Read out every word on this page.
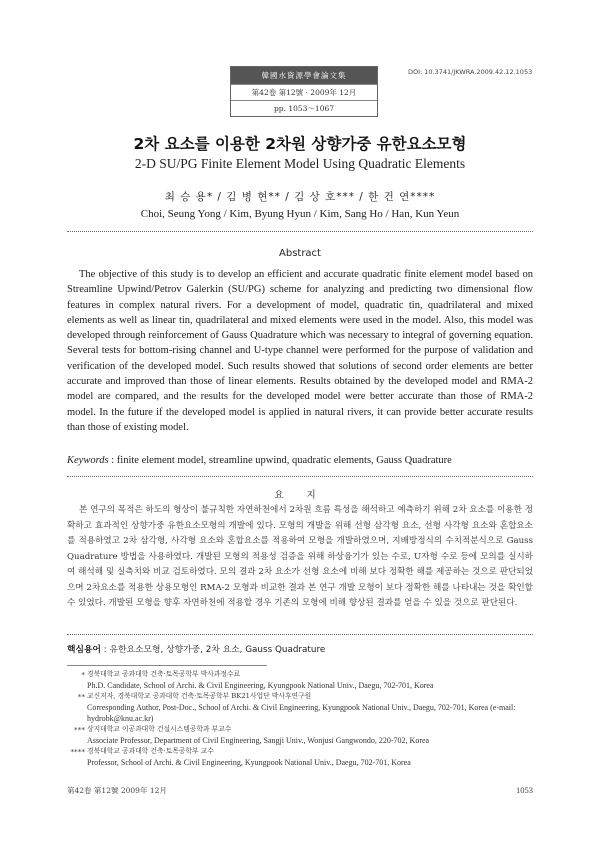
韓國水資源學會論文集
第42卷 第12號 · 2009年 12月
pp. 1053～1067
DOI: 10.3741/JKWRA.2009.42.12.1053
2차 요소를 이용한 2차원 상향가중 유한요소모형
2-D SU/PG Finite Element Model Using Quadratic Elements
최 승 용* / 김 병 현** / 김 상 호*** / 한 건 연****
Choi, Seung Yong / Kim, Byung Hyun / Kim, Sang Ho / Han, Kun Yeun
Abstract

The objective of this study is to develop an efficient and accurate quadratic finite element model based on Streamline Upwind/Petrov Galerkin (SU/PG) scheme for analyzing and predicting two dimensional flow features in complex natural rivers. For a development of model, quadratic tin, quadrilateral and mixed elements as well as linear tin, quadrilateral and mixed elements were used in the model. Also, this model was developed through reinforcement of Gauss Quadrature which was necessary to integral of governing equation. Several tests for bottom-rising channel and U-type channel were performed for the purpose of validation and verification of the developed model. Such results showed that solutions of second order elements are better accurate and improved than those of linear elements. Results obtained by the developed model and RMA-2 model are compared, and the results for the developed model were better accurate than those of RMA-2 model. In the future if the developed model is applied in natural rivers, it can provide better accurate results than those of existing model.

Keywords : finite element model, streamline upwind, quadratic elements, Gauss Quadrature
요 지

본 연구의 목적은 하도의 형상이 불규칙한 자연하천에서 2차원 흐름 특성을 해석하고 예측하기 위해 2차 요소를 이용한 정확하고 효과적인 상향가중 유한요소모형의 개발에 있다. 모형의 개발을 위해 선형 삼각형 요소, 선형 사각형 요소와 혼합요소를 적용하였고 2차 삼각형, 사각형 요소와 혼합요소를 적용하여 모형을 개발하였으며, 지배방정식의 수치적분식으로 Gauss Quadrature 방법을 사용하였다. 개발된 모형의 적용성 검증을 위해 하상융기가 있는 수로, U자형 수로 등에 모의를 실시하여 해석해 및 실측치와 비교 검토하였다. 모의 결과 2차 요소가 선형 요소에 비해 보다 정확한 해를 제공하는 것으로 판단되었으며 2차요소를 적용한 상용모형인 RMA-2 모형과 비교한 결과 본 연구 개발 모형이 보다 정확한 해를 나타내는 것을 확인할 수 있었다. 개발된 모형을 향후 자연하천에 적용할 경우 기존의 모형에 비해 향상된 결과를 얻을 수 있을 것으로 판단된다.

핵심용어 : 유한요소모형, 상향가중, 2차 요소, Gauss Quadrature
* 경북대학교 공과대학 건축·토목공학부 박사과정수료
Ph.D. Candidate, School of Archi. & Civil Engineering, Kyungpook National Univ., Daegu, 702-701, Korea
** 교신저자, 경북대학교 공과대학 건축·토목공학부 BK21사업단 박사후연구원
Corresponding Author, Post-Doc., School of Archi. & Civil Engineering, Kyungpook National Univ., Daegu, 702-701, Korea (e-mail: hydrobk@knu.ac.kr)
*** 상지대학교 이공과대학 건설시스템공학과 부교수
Associate Professor, Department of Civil Engineering, Sangji Univ., Wonjusi Gangwondo, 220-702, Korea
**** 경북대학교 공과대학 건축·토목공학부 교수
Professor, School of Archi. & Civil Engineering, Kyungpook National Univ., Daegu, 702-701, Korea
第42卷 第12號 2009年 12月	1053
